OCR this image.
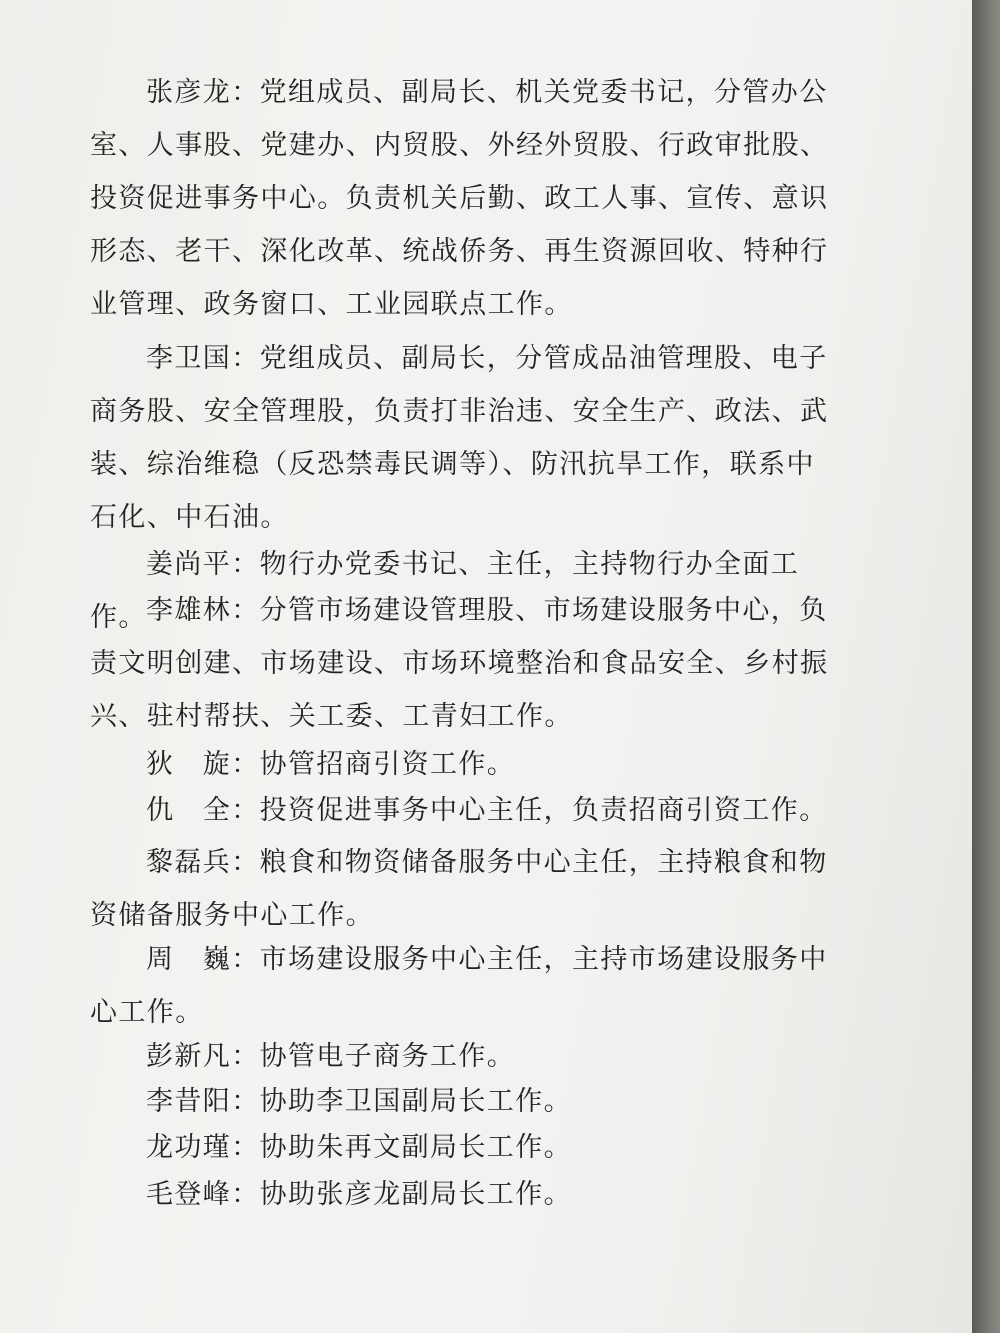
张彦龙：党组成员、副局长、机关党委书记，分管办公室、人事股、党建办、内贸股、外经外贸股、行政审批股、投资促进事务中心。负责机关后勤、政工人事、宣传、意识形态、老干、深化改革、统战侨务、再生资源回收、特种行业管理、政务窗口、工业园联点工作。

李卫国：党组成员、副局长，分管成品油管理股、电子商务股、安全管理股，负责打非治违、安全生产、政法、武装、综治维稳（反恐禁毒民调等）、防汛抗旱工作，联系中石化、中石油。

姜尚平：物行办党委书记、主任，主持物行办全面工作。 李雄林：分管市场建设管理股、市场建设服务中心，负责文明创建、市场建设、市场环境整治和食品安全、乡村振兴、驻村帮扶、关工委、工青妇工作。

狄　旋：协管招商引资工作。

仇　全：投资促进事务中心主任，负责招商引资工作。

黎磊兵：粮食和物资储备服务中心主任，主持粮食和物资储备服务中心工作。

周　巍：市场建设服务中心主任，主持市场建设服务中心工作。

彭新凡：协管电子商务工作。

李昔阳：协助李卫国副局长工作。

龙功瑾：协助朱再文副局长工作。

毛登峰：协助张彦龙副局长工作。
